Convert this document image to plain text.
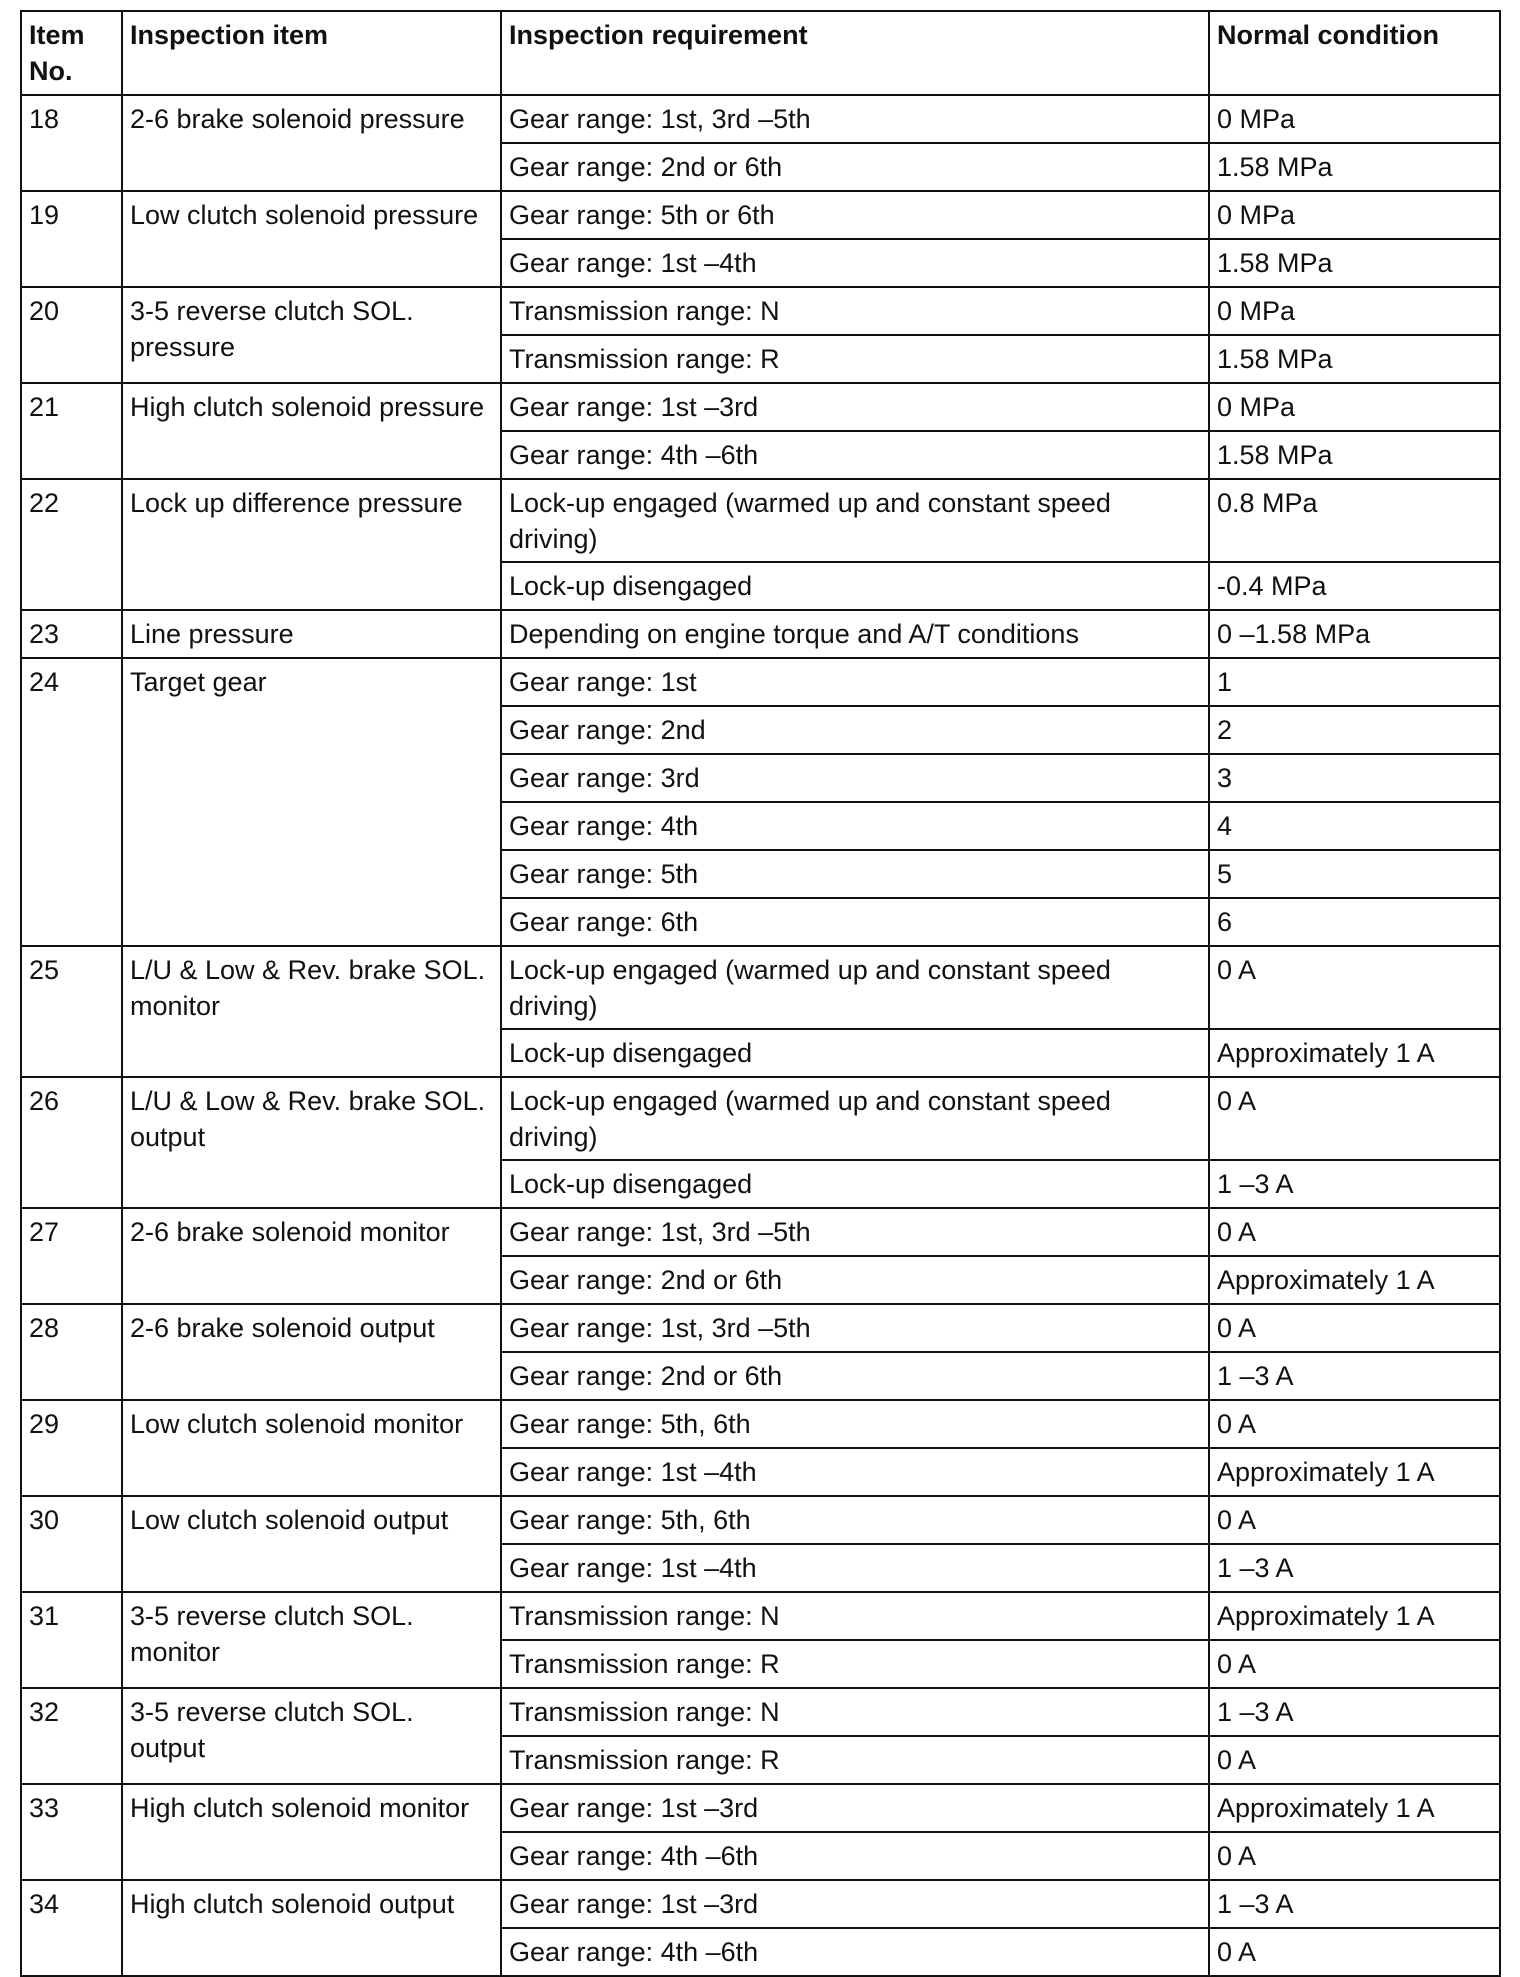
Item No.	Inspection item	Inspection requirement	Normal condition
18	2-6 brake solenoid pressure	Gear range: 1st, 3rd –5th	0 MPa
		Gear range: 2nd or 6th	1.58 MPa
19	Low clutch solenoid pressure	Gear range: 5th or 6th	0 MPa
		Gear range: 1st –4th	1.58 MPa
20	3-5 reverse clutch SOL. pressure	Transmission range: N	0 MPa
		Transmission range: R	1.58 MPa
21	High clutch solenoid pressure	Gear range: 1st –3rd	0 MPa
		Gear range: 4th –6th	1.58 MPa
22	Lock up difference pressure	Lock-up engaged (warmed up and constant speed driving)	0.8 MPa
		Lock-up disengaged	-0.4 MPa
23	Line pressure	Depending on engine torque and A/T conditions	0 –1.58 MPa
24	Target gear	Gear range: 1st	1
		Gear range: 2nd	2
		Gear range: 3rd	3
		Gear range: 4th	4
		Gear range: 5th	5
		Gear range: 6th	6
25	L/U & Low & Rev. brake SOL. monitor	Lock-up engaged (warmed up and constant speed driving)	0 A
		Lock-up disengaged	Approximately 1 A
26	L/U & Low & Rev. brake SOL. output	Lock-up engaged (warmed up and constant speed driving)	0 A
		Lock-up disengaged	1 –3 A
27	2-6 brake solenoid monitor	Gear range: 1st, 3rd –5th	0 A
		Gear range: 2nd or 6th	Approximately 1 A
28	2-6 brake solenoid output	Gear range: 1st, 3rd –5th	0 A
		Gear range: 2nd or 6th	1 –3 A
29	Low clutch solenoid monitor	Gear range: 5th, 6th	0 A
		Gear range: 1st –4th	Approximately 1 A
30	Low clutch solenoid output	Gear range: 5th, 6th	0 A
		Gear range: 1st –4th	1 –3 A
31	3-5 reverse clutch SOL. monitor	Transmission range: N	Approximately 1 A
		Transmission range: R	0 A
32	3-5 reverse clutch SOL. output	Transmission range: N	1 –3 A
		Transmission range: R	0 A
33	High clutch solenoid monitor	Gear range: 1st –3rd	Approximately 1 A
		Gear range: 4th –6th	0 A
34	High clutch solenoid output	Gear range: 1st –3rd	1 –3 A
		Gear range: 4th –6th	0 A
